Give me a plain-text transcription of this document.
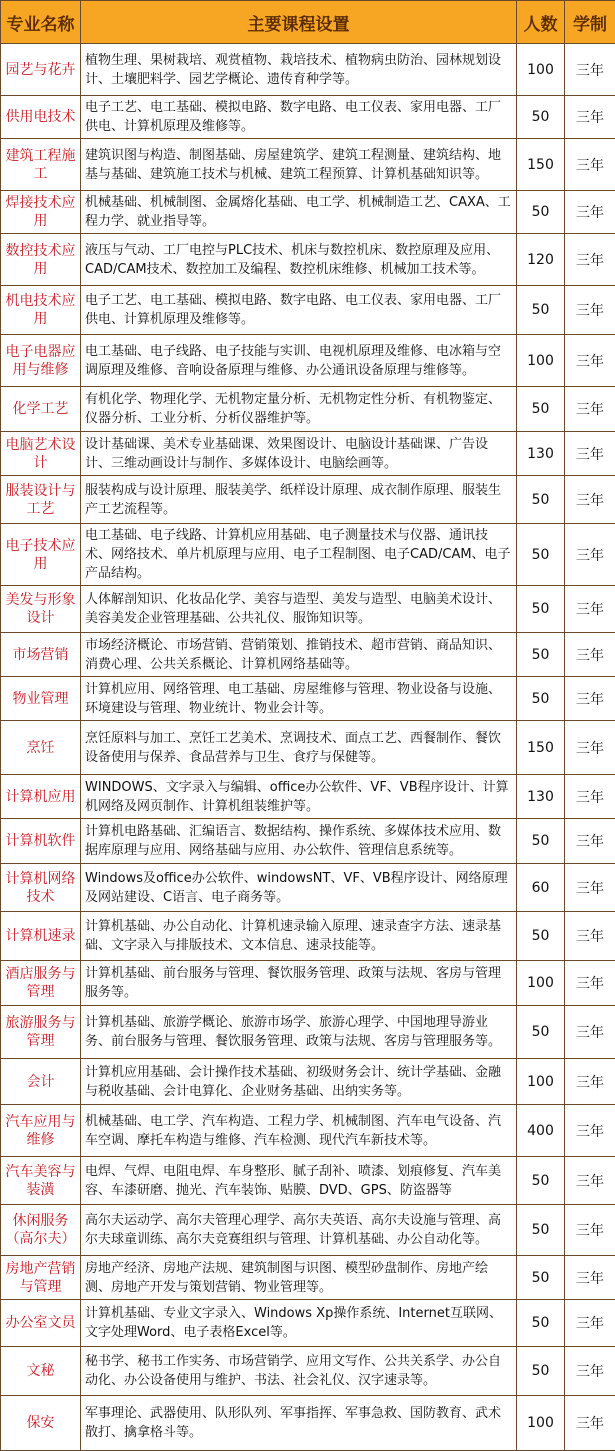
专业名称	主要课程设置	人数	学制
园艺与花卉	植物生理、果树栽培、观赏植物、栽培技术、植物病虫防治、园林规划设计、土壤肥料学、园艺学概论、遗传育种学等。	100	三年
供用电技术	电子工艺、电工基础、模拟电路、数字电路、电工仪表、家用电器、工厂供电、计算机原理及维修等。	50	三年
建筑工程施工	建筑识图与构造、制图基础、房屋建筑学、建筑工程测量、建筑结构、地基与基础、建筑施工技术与机械、建筑工程预算、计算机基础知识等。	150	三年
焊接技术应用	机械基础、机械制图、金属熔化基础、电工学、机械制造工艺、CAXA、工程力学、就业指导等。	50	三年
数控技术应用	液压与气动、工厂电控与PLC技术、机床与数控机床、数控原理及应用、CAD/CAM技术、数控加工及编程、数控机床维修、机械加工技术等。	120	三年
机电技术应用	电子工艺、电工基础、模拟电路、数字电路、电工仪表、家用电器、工厂供电、计算机原理及维修等。	50	三年
电子电器应用与维修	电工基础、电子线路、电子技能与实训、电视机原理及维修、电冰箱与空调原理及维修、音响设备原理与维修、办公通讯设备原理与维修等。	100	三年
化学工艺	有机化学、物理化学、无机物定量分析、无机物定性分析、有机物鉴定、仪器分析、工业分析、分析仪器维护等。	50	三年
电脑艺术设计	设计基础课、美术专业基础课、效果图设计、电脑设计基础课、广告设计、三维动画设计与制作、多媒体设计、电脑绘画等。	130	三年
服装设计与工艺	服装构成与设计原理、服装美学、纸样设计原理、成衣制作原理、服装生产工艺流程等。	50	三年
电子技术应用	电工基础、电子线路、计算机应用基础、电子测量技术与仪器、通讯技术、网络技术、单片机原理与应用、电子工程制图、电子CAD/CAM、电子产品结构。	50	三年
美发与形象设计	人体解剖知识、化妆品化学、美容与造型、美发与造型、电脑美术设计、美容美发企业管理基础、公共礼仪、服饰知识等。	50	三年
市场营销	市场经济概论、市场营销、营销策划、推销技术、超市营销、商品知识、消费心理、公共关系概论、计算机网络基础等。	50	三年
物业管理	计算机应用、网络管理、电工基础、房屋维修与管理、物业设备与设施、环境建设与管理、物业统计、物业会计等。	50	三年
烹饪	烹饪原料与加工、烹饪工艺美术、烹调技术、面点工艺、西餐制作、餐饮设备使用与保养、食品营养与卫生、食疗与保健等。	150	三年
计算机应用	WINDOWS、文字录入与编辑、office办公软件、VF、VB程序设计、计算机网络及网页制作、计算机组装维护等。	130	三年
计算机软件	计算机电路基础、汇编语言、数据结构、操作系统、多媒体技术应用、数据库原理与应用、网络基础与应用、办公软件、管理信息系统等。	50	三年
计算机网络技术	Windows及office办公软件、windowsNT、VF、VB程序设计、网络原理及网站建设、C语言、电子商务等。	60	三年
计算机速录	计算机基础、办公自动化、计算机速录输入原理、速录查字方法、速录基础、文字录入与排版技术、文本信息、速录技能等。	50	三年
酒店服务与管理	计算机基础、前台服务与管理、餐饮服务管理、政策与法规、客房与管理服务等。	100	三年
旅游服务与管理	计算机基础、旅游学概论、旅游市场学、旅游心理学、中国地理导游业务、前台服务与管理、餐饮服务管理、政策与法规、客房与管理服务等。	50	三年
会计	计算机应用基础、会计操作技术基础、初级财务会计、统计学基础、金融与税收基础、会计电算化、企业财务基础、出纳实务等。	100	三年
汽车应用与维修	机械基础、电工学、汽车构造、工程力学、机械制图、汽车电气设备、汽车空调、摩托车构造与维修、汽车检测、现代汽车新技术等。	400	三年
汽车美容与装潢	电焊、气焊、电阻电焊、车身整形、腻子刮补、喷漆、划痕修复、汽车美容、车漆研磨、抛光、汽车装饰、贴膜、DVD、GPS、防盗器等	50	三年
休闲服务（高尔夫）	高尔夫运动学、高尔夫管理心理学、高尔夫英语、高尔夫设施与管理、高尔夫球童训练、高尔夫竞赛组织与管理、计算机基础、办公自动化等。	50	三年
房地产营销与管理	房地产经济、房地产法规、建筑制图与识图、模型砂盘制作、房地产绘测、房地产开发与策划营销、物业管理等。	50	三年
办公室文员	计算机基础、专业文字录入、Windows Xp操作系统、Internet互联网、文字处理Word、电子表格Excel等。	50	三年
文秘	秘书学、秘书工作实务、市场营销学、应用文写作、公共关系学、办公自动化、办公设备使用与维护、书法、社会礼仪、汉字速录等。	50	三年
保安	军事理论、武器使用、队形队列、军事指挥、军事急救、国防教育、武术散打、擒拿格斗等。	100	三年
